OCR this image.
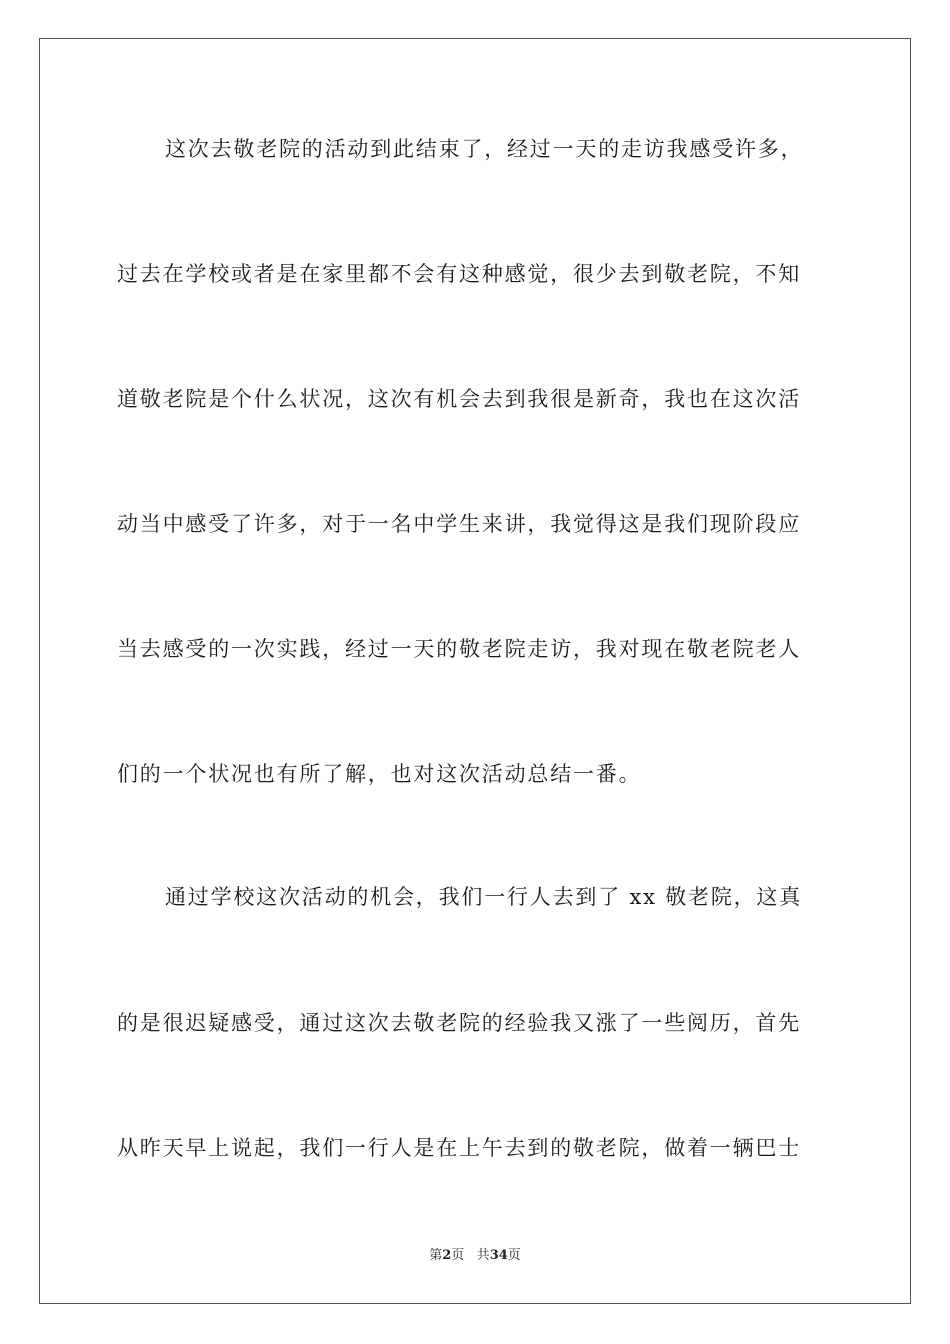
这次去敬老院的活动到此结束了，经过一天的走访我感受许多，
过去在学校或者是在家里都不会有这种感觉，很少去到敬老院，不知
道敬老院是个什么状况，这次有机会去到我很是新奇，我也在这次活
动当中感受了许多，对于一名中学生来讲，我觉得这是我们现阶段应
当去感受的一次实践，经过一天的敬老院走访，我对现在敬老院老人
们的一个状况也有所了解，也对这次活动总结一番。
通过学校这次活动的机会，我们一行人去到了 xx 敬老院，这真
的是很迟疑感受，通过这次去敬老院的经验我又涨了一些阅历，首先
从昨天早上说起，我们一行人是在上午去到的敬老院，做着一辆巴士
第2页 共34页
